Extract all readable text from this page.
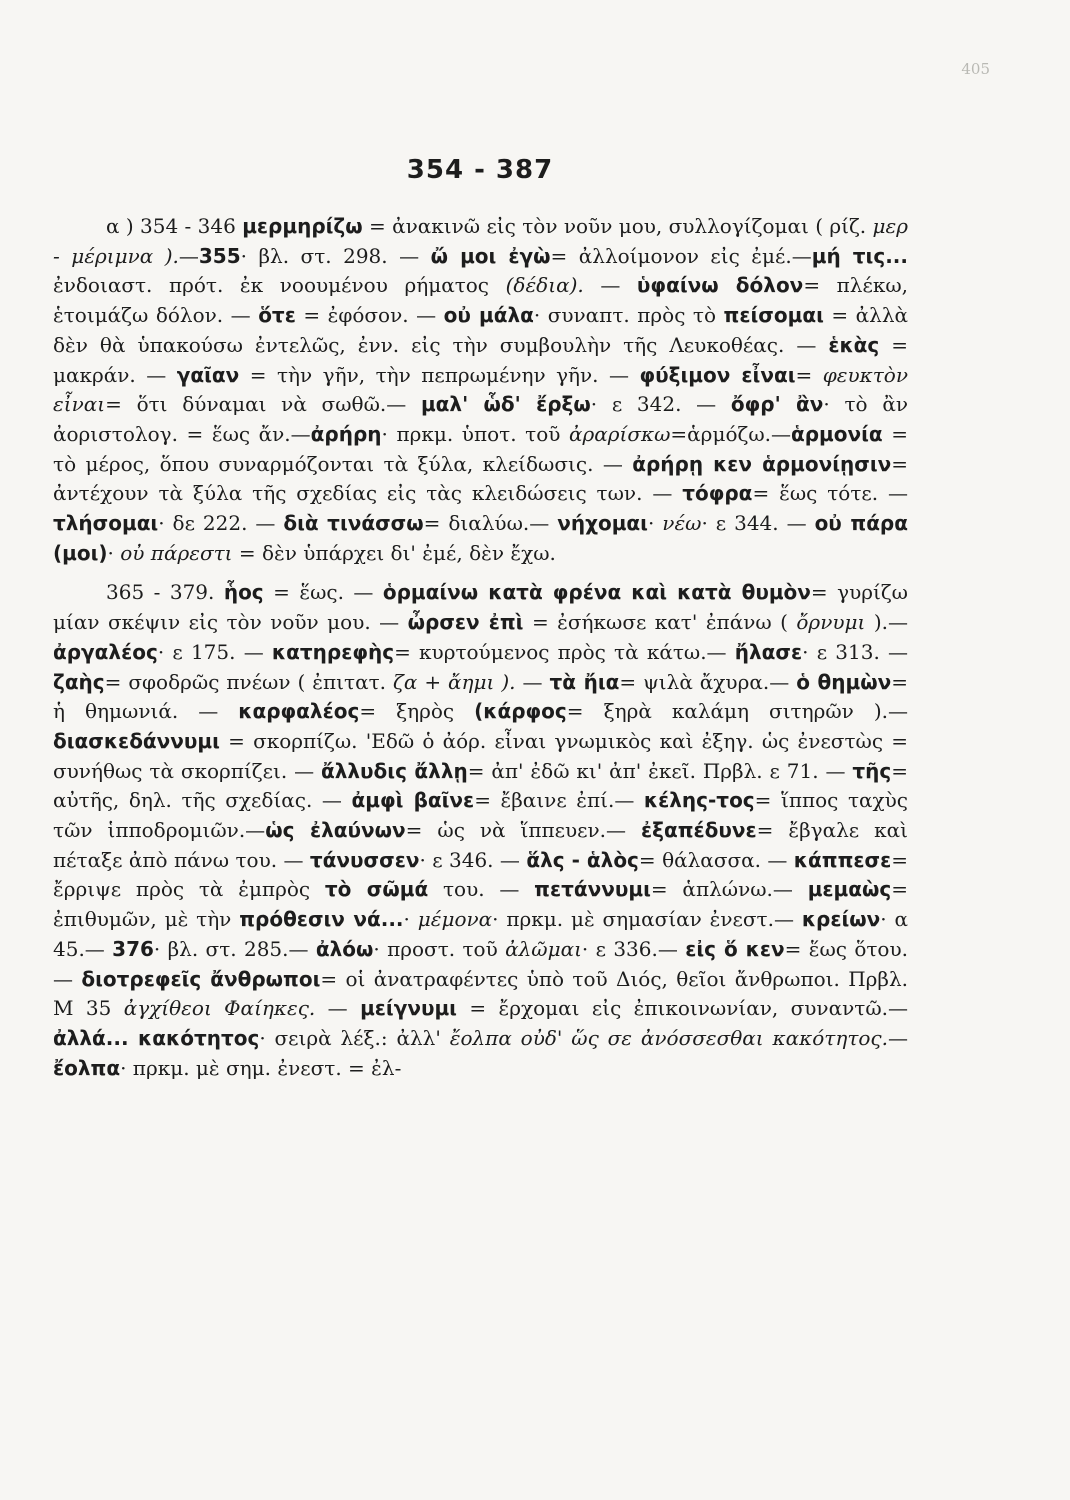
405
354 - 387

α ) 354 - 346 μερμηρίζω = ἀνακινῶ εἰς τὸν νοῦν μου, συλλογίζομαι ( ρίζ. μερ - μέριμνα ).—355· βλ. στ. 298. — ὤ μοι ἐγὼ= ἀλλοίμονον εἰς ἐμέ.—μή τις... ἐνδοιαστ. πρότ. ἐκ νοουμένου ρήματος (δέδια). — ὑφαίνω δόλον= πλέκω, ἑτοιμάζω δόλον. — ὅτε = ἐφόσον. — οὐ μάλα· συναπτ. πρὸς τὸ πείσομαι = ἀλλὰ δὲν θὰ ὑπακούσω ἐντελῶς, ἐνν. εἰς τὴν συμβουλὴν τῆς Λευκοθέας. — ἑκὰς = μακράν. — γαῖαν = τὴν γῆν, τὴν πεπρωμένην γῆν. — φύξιμον εἶναι= φευκτὸν εἶναι= ὅτι δύναμαι νὰ σωθῶ.— μαλ' ὧδ' ἔρξω· ε 342. — ὄφρ' ἂν· τὸ ἂν ἀοριστολογ. = ἕως ἄν.—ἀρήρη· πρκμ. ὑποτ. τοῦ ἀραρίσκω=ἁρμόζω.—ἁρμονία = τὸ μέρος, ὅπου συναρμόζονται τὰ ξύλα, κλείδωσις. — ἀρήρῃ κεν ἁρμονίῃσιν= ἀντέχουν τὰ ξύλα τῆς σχεδίας εἰς τὰς κλειδώσεις των. — τόφρα= ἕως τότε. — τλήσομαι· δε 222. — διὰ τινάσσω= διαλύω.— νήχομαι· νέω· ε 344. — οὐ πάρα (μοι)· οὐ πάρεστι = δὲν ὑπάρχει δι' ἐμέ, δὲν ἔχω.

365 - 379. ἧος = ἕως. — ὁρμαίνω κατὰ φρένα καὶ κατὰ θυμὸν= γυρίζω μίαν σκέψιν εἰς τὸν νοῦν μου. — ὦρσεν ἐπὶ = ἐσήκωσε κατ' ἐπάνω ( ὄρνυμι ).— ἀργαλέος· ε 175. — κατηρεφὴς= κυρτούμενος πρὸς τὰ κάτω.— ἤλασε· ε 313. — ζαὴς= σφοδρῶς πνέων ( ἐπιτατ. ζα + ἄημι ). — τὰ ἤια= ψιλὰ ἄχυρα.— ὁ θημὼν= ἡ θημωνιά. — καρφαλέος= ξηρὸς (κάρφος= ξηρὰ καλάμη σιτηρῶν ).— διασκεδάννυμι = σκορπίζω. 'Εδῶ ὁ ἀόρ. εἶναι γνωμικὸς καὶ ἐξηγ. ὡς ἐνεστὼς = συνήθως τὰ σκορπίζει. — ἄλλυδις ἄλλῃ= ἀπ' ἐδῶ κι' ἀπ' ἐκεῖ. Πρβλ. ε 71. — τῆς= αὐτῆς, δηλ. τῆς σχεδίας. — ἀμφὶ βαῖνε= ἔβαινε ἐπί.— κέλης-τος= ἵππος ταχὺς τῶν ἱπποδρομιῶν.—ὡς ἐλαύνων= ὡς νὰ ἵππευεν.— ἐξαπέδυνε= ἔβγαλε καὶ πέταξε ἀπὸ πάνω του. — τάνυσσεν· ε 346. — ἅλς - ἁλὸς= θάλασσα. — κάππεσε= ἔρριψε πρὸς τὰ ἐμπρὸς τὸ σῶμά του. — πετάννυμι= ἁπλώνω.— μεμαὼς= ἐπιθυμῶν, μὲ τὴν πρόθεσιν νά...· μέμονα· πρκμ. μὲ σημασίαν ἐνεστ.— κρείων· α 45.— 376· βλ. στ. 285.— ἀλόω· προστ. τοῦ ἀλῶμαι· ε 336.— εἰς ὅ κεν= ἕως ὅτου. — διοτρεφεῖς ἄνθρωποι= οἱ ἀνατραφέντες ὑπὸ τοῦ Διός, θεῖοι ἄνθρωποι. Πρβλ. Μ 35 ἀγχίθεοι Φαίηκες. — μείγνυμι = ἔρχομαι εἰς ἐπικοινωνίαν, συναντῶ.— ἀλλά... κακότητος· σειρὰ λέξ.: ἀλλ' ἔολπα οὐδ' ὥς σε ἀνόσσεσθαι κακότητος.—ἔολπα· πρκμ. μὲ σημ. ἐνεστ. = ἐλ-
